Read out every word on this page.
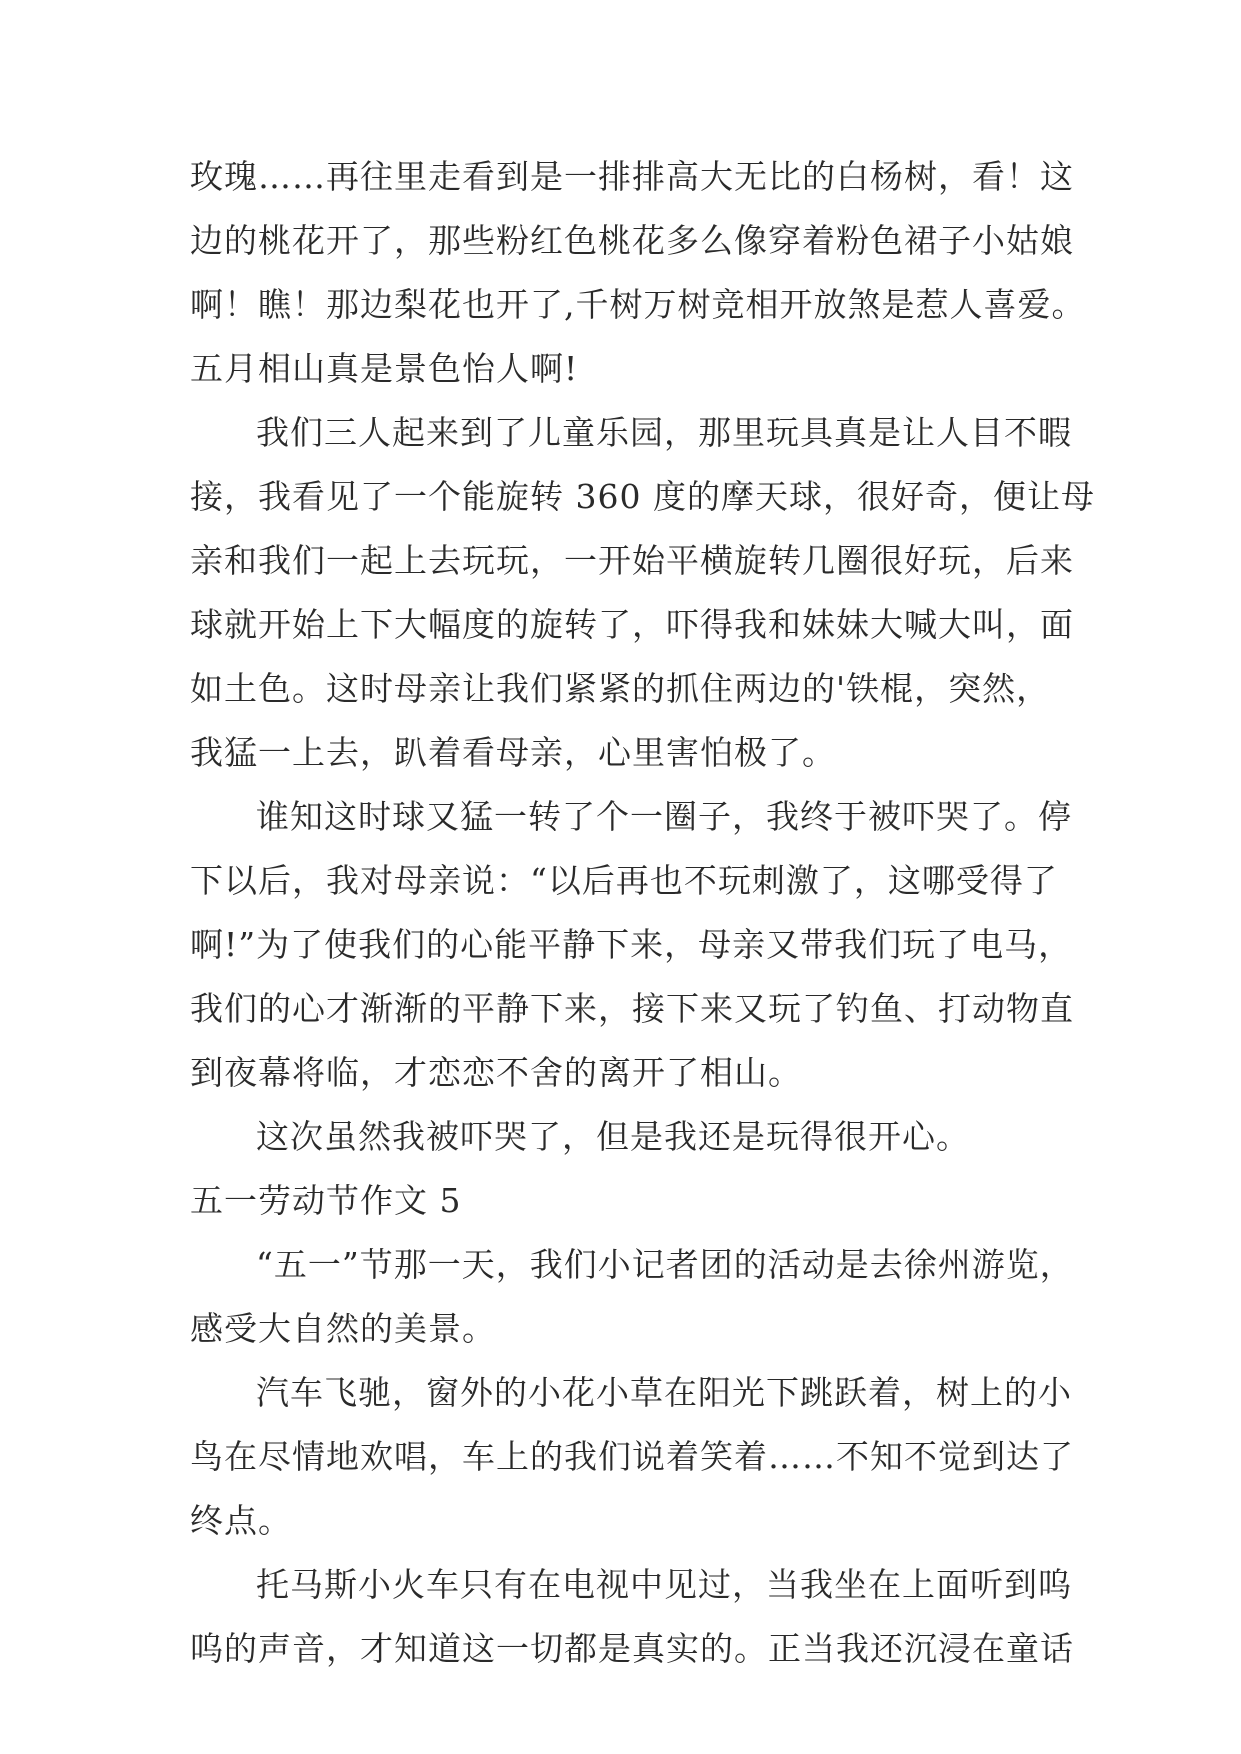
玫瑰……再往里走看到是一排排高大无比的白杨树，看！这
边的桃花开了，那些粉红色桃花多么像穿着粉色裙子小姑娘
啊！瞧！那边梨花也开了,千树万树竞相开放煞是惹人喜爱。
五月相山真是景色怡人啊!
我们三人起来到了儿童乐园，那里玩具真是让人目不暇
接，我看见了一个能旋转 360 度的摩天球，很好奇，便让母
亲和我们一起上去玩玩，一开始平横旋转几圈很好玩，后来
球就开始上下大幅度的旋转了，吓得我和妹妹大喊大叫，面
如土色。这时母亲让我们紧紧的抓住两边的'铁棍，突然，
我猛一上去，趴着看母亲，心里害怕极了。
谁知这时球又猛一转了个一圈子，我终于被吓哭了。停
下以后，我对母亲说：“以后再也不玩刺激了，这哪受得了
啊!”为了使我们的心能平静下来，母亲又带我们玩了电马，
我们的心才渐渐的平静下来，接下来又玩了钓鱼、打动物直
到夜幕将临，才恋恋不舍的离开了相山。
这次虽然我被吓哭了，但是我还是玩得很开心。
五一劳动节作文 5
“五一”节那一天，我们小记者团的活动是去徐州游览，
感受大自然的美景。
汽车飞驰，窗外的小花小草在阳光下跳跃着，树上的小
鸟在尽情地欢唱，车上的我们说着笑着……不知不觉到达了
终点。
托马斯小火车只有在电视中见过，当我坐在上面听到呜
呜的声音，才知道这一切都是真实的。正当我还沉浸在童话
